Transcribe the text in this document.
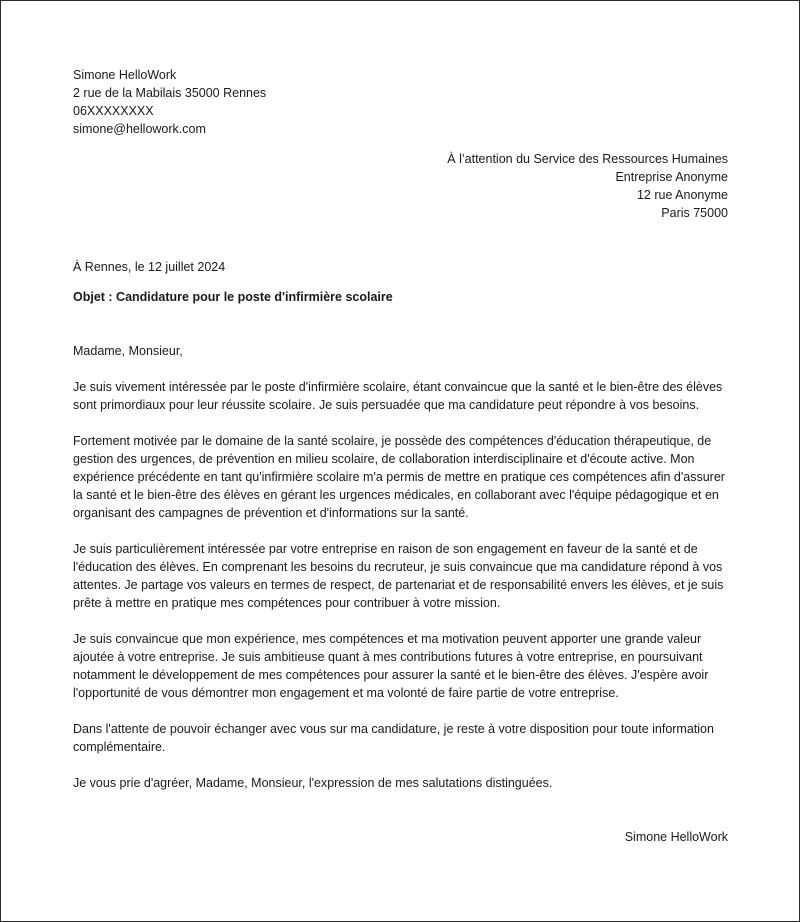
Simone HelloWork
2 rue de la Mabilais 35000 Rennes
06XXXXXXXX
simone@hellowork.com
À l’attention du Service des Ressources Humaines
Entreprise Anonyme
12 rue Anonyme
Paris 75000
À Rennes, le 12 juillet 2024
Objet : Candidature pour le poste d'infirmière scolaire
Madame, Monsieur,
Je suis vivement intéressée par le poste d'infirmière scolaire, étant convaincue que la santé et le bien-être des élèves sont primordiaux pour leur réussite scolaire. Je suis persuadée que ma candidature peut répondre à vos besoins.
Fortement motivée par le domaine de la santé scolaire, je possède des compétences d'éducation thérapeutique, de gestion des urgences, de prévention en milieu scolaire, de collaboration interdisciplinaire et d'écoute active. Mon expérience précédente en tant qu'infirmière scolaire m'a permis de mettre en pratique ces compétences afin d'assurer la santé et le bien-être des élèves en gérant les urgences médicales, en collaborant avec l'équipe pédagogique et en organisant des campagnes de prévention et d'informations sur la santé.
Je suis particulièrement intéressée par votre entreprise en raison de son engagement en faveur de la santé et de l'éducation des élèves. En comprenant les besoins du recruteur, je suis convaincue que ma candidature répond à vos attentes. Je partage vos valeurs en termes de respect, de partenariat et de responsabilité envers les élèves, et je suis prête à mettre en pratique mes compétences pour contribuer à votre mission.
Je suis convaincue que mon expérience, mes compétences et ma motivation peuvent apporter une grande valeur ajoutée à votre entreprise. Je suis ambitieuse quant à mes contributions futures à votre entreprise, en poursuivant notamment le développement de mes compétences pour assurer la santé et le bien-être des élèves. J'espère avoir l'opportunité de vous démontrer mon engagement et ma volonté de faire partie de votre entreprise.
Dans l'attente de pouvoir échanger avec vous sur ma candidature, je reste à votre disposition pour toute information complémentaire.
Je vous prie d'agréer, Madame, Monsieur, l'expression de mes salutations distinguées.
Simone HelloWork
